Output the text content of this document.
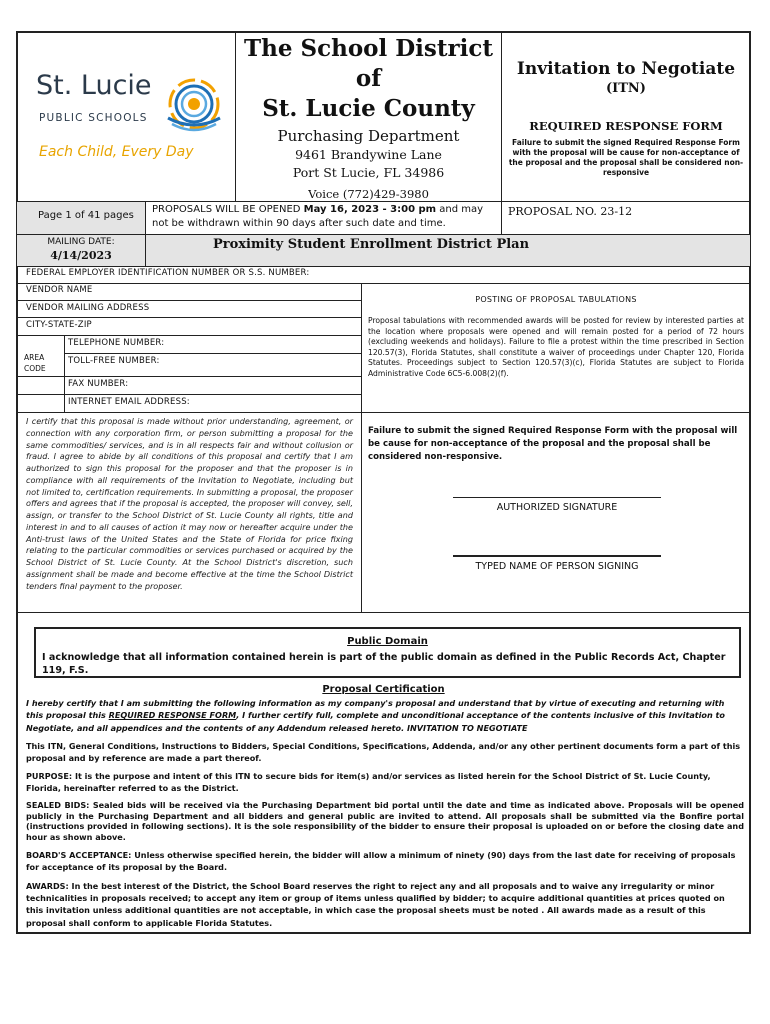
St. Lucie
PUBLIC SCHOOLS
Each Child, Every Day
The School District
of
St. Lucie County
Purchasing Department
9461 Brandywine Lane
Port St Lucie, FL 34986
Voice (772)429-3980
Invitation to Negotiate
(ITN)
REQUIRED RESPONSE FORM
Failure to submit the signed Required Response Form with the proposal will be cause for non-acceptance of the proposal and the proposal shall be considered non-responsive
Page 1 of 41 pages
PROPOSALS WILL BE OPENED May 16, 2023 - 3:00 pm and may
not be withdrawn within 90 days after such date and time.
PROPOSAL NO. 23-12
MAILING DATE:
4/14/2023
Proximity Student Enrollment District Plan
FEDERAL EMPLOYER IDENTIFICATION NUMBER OR S.S. NUMBER:
VENDOR NAME
VENDOR MAILING ADDRESS
CITY-STATE-ZIP
AREA CODE
TELEPHONE NUMBER:
TOLL-FREE NUMBER:
FAX NUMBER:
INTERNET EMAIL ADDRESS:
POSTING OF PROPOSAL TABULATIONS
Proposal tabulations with recommended awards will be posted for review by interested parties at the location where proposals were opened and will remain posted for a period of 72 hours (excluding weekends and holidays). Failure to file a protest within the time prescribed in Section 120.57(3), Florida Statutes, shall constitute a waiver of proceedings under Chapter 120, Florida Statutes. Proceedings subject to Section 120.57(3)(c), Florida Statutes are subject to Florida Administrative Code 6C5-6.008(2)(f).
I certify that this proposal is made without prior understanding, agreement, or connection with any corporation firm, or person submitting a proposal for the same commodities/ services, and is in all respects fair and without collusion or fraud. I agree to abide by all conditions of this proposal and certify that I am authorized to sign this proposal for the proposer and that the proposer is in compliance with all requirements of the Invitation to Negotiate, including but not limited to, certification requirements. In submitting a proposal, the proposer offers and agrees that if the proposal is accepted, the proposer will convey, sell, assign, or transfer to the School District of St. Lucie County all rights, title and interest in and to all causes of action it may now or hereafter acquire under the Anti-trust laws of the United States and the State of Florida for price fixing relating to the particular commodities or services purchased or acquired by the School District of St. Lucie County. At the School District's discretion, such assignment shall be made and become effective at the time the School District tenders final payment to the proposer.
Failure to submit the signed Required Response Form with the proposal will be cause for non-acceptance of the proposal and the proposal shall be considered non-responsive.
AUTHORIZED SIGNATURE
TYPED NAME OF PERSON SIGNING
Public Domain
I acknowledge that all information contained herein is part of the public domain as defined in the Public Records Act, Chapter 119, F.S.
Proposal Certification
I hereby certify that I am submitting the following information as my company's proposal and understand that by virtue of executing and returning with this proposal this REQUIRED RESPONSE FORM, I further certify full, complete and unconditional acceptance of the contents inclusive of this Invitation to Negotiate, and all appendices and the contents of any Addendum released hereto. INVITATION TO NEGOTIATE
This ITN, General Conditions, Instructions to Bidders, Special Conditions, Specifications, Addenda, and/or any other pertinent documents form a part of this proposal and by reference are made a part thereof.
PURPOSE: It is the purpose and intent of this ITN to secure bids for item(s) and/or services as listed herein for the School District of St. Lucie County, Florida, hereinafter referred to as the District.
SEALED BIDS: Sealed bids will be received via the Purchasing Department bid portal until the date and time as indicated above. Proposals will be opened publicly in the Purchasing Department and all bidders and general public are invited to attend. All proposals shall be submitted via the Bonfire portal (instructions provided in following sections). It is the sole responsibility of the bidder to ensure their proposal is uploaded on or before the closing date and hour as shown above.
BOARD'S ACCEPTANCE: Unless otherwise specified herein, the bidder will allow a minimum of ninety (90) days from the last date for receiving of proposals for acceptance of its proposal by the Board.
AWARDS: In the best interest of the District, the School Board reserves the right to reject any and all proposals and to waive any irregularity or minor technicalities in proposals received; to accept any item or group of items unless qualified by bidder; to acquire additional quantities at prices quoted on this invitation unless additional quantities are not acceptable, in which case the proposal sheets must be noted . All awards made as a result of this proposal shall conform to applicable Florida Statutes.
